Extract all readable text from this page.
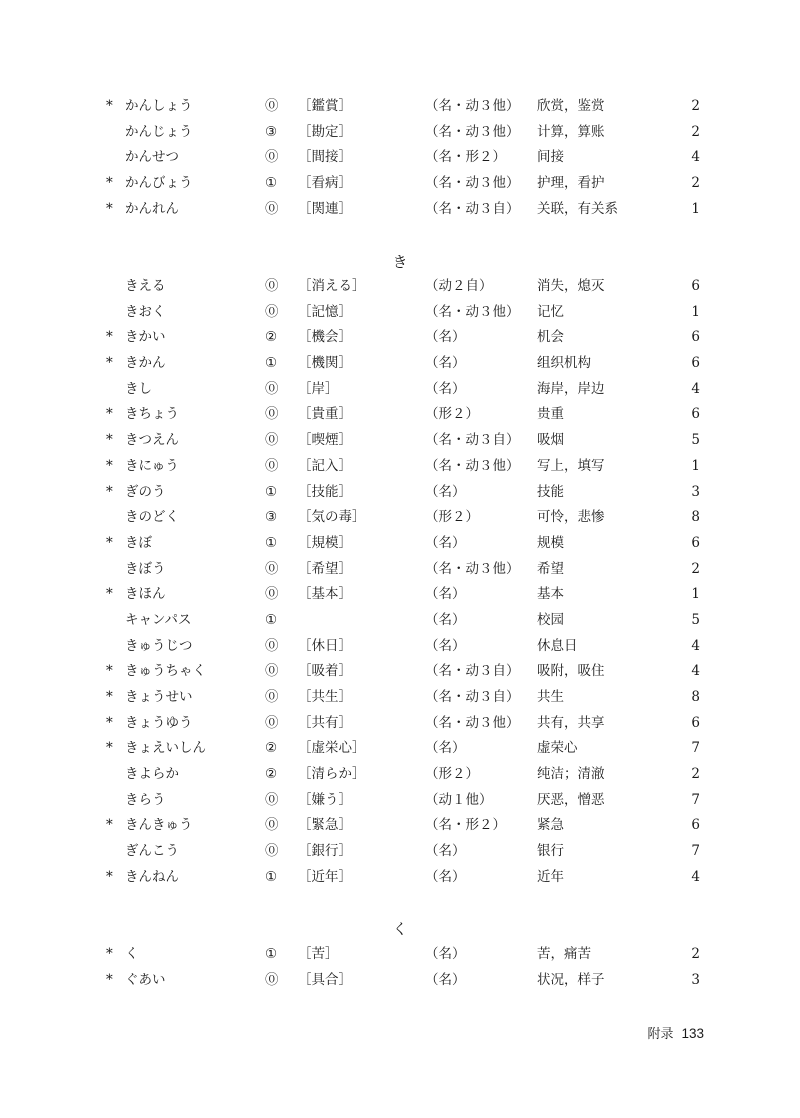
* かんしょう	⓪ ［鑑賞］	（名・动３他） 欣赏，鉴赏	2
かんじょう	③ ［勘定］	（名・动３他） 计算，算账	2
かんせつ	⓪ ［間接］	（名・形２） 间接	4
* かんびょう	① ［看病］	（名・动３他） 护理，看护	2
* かんれん	⓪ ［関連］	（名・动３自） 关联，有关系	1
き
きえる	⓪ ［消える］	（动２自）	消失，熄灭	6
きおく	⓪ ［記憶］	（名・动３他） 记忆	1
* きかい	② ［機会］	（名）	机会	6
* きかん	① ［機関］	（名）	组织机构	6
きし	⓪ ［岸］	（名）	海岸，岸边	4
* きちょう	⓪ ［貴重］	（形２）	贵重	6
* きつえん	⓪ ［喫煙］	（名・动３自） 吸烟	5
* きにゅう	⓪ ［記入］	（名・动３他） 写上，填写	1
* ぎのう	① ［技能］	（名）	技能	3
きのどく	③ ［気の毒］	（形２）	可怜，悲惨	8
* きぼ	① ［規模］	（名）	规模	6
きぼう	⓪ ［希望］	（名・动３他） 希望	2
* きほん	⓪ ［基本］	（名）	基本	1
キャンパス	①	（名）	校园	5
きゅうじつ	⓪ ［休日］	（名）	休息日	4
* きゅうちゃく	⓪ ［吸着］	（名・动３自） 吸附，吸住	4
* きょうせい	⓪ ［共生］	（名・动３自） 共生	8
* きょうゆう	⓪ ［共有］	（名・动３他） 共有，共享	6
* きょえいしん	② ［虚栄心］	（名）	虚荣心	7
きよらか	② ［清らか］	（形２）	纯洁；清澈	2
きらう	⓪ ［嫌う］	（动１他）	厌恶，憎恶	7
* きんきゅう	⓪ ［緊急］	（名・形２） 紧急	6
ぎんこう	⓪ ［銀行］	（名）	银行	7
* きんねん	① ［近年］	（名）	近年	4
く
* く	① ［苦］	（名）	苦，痛苦	2
* ぐあい	⓪ ［具合］	（名）	状况，样子	3
附录 133
